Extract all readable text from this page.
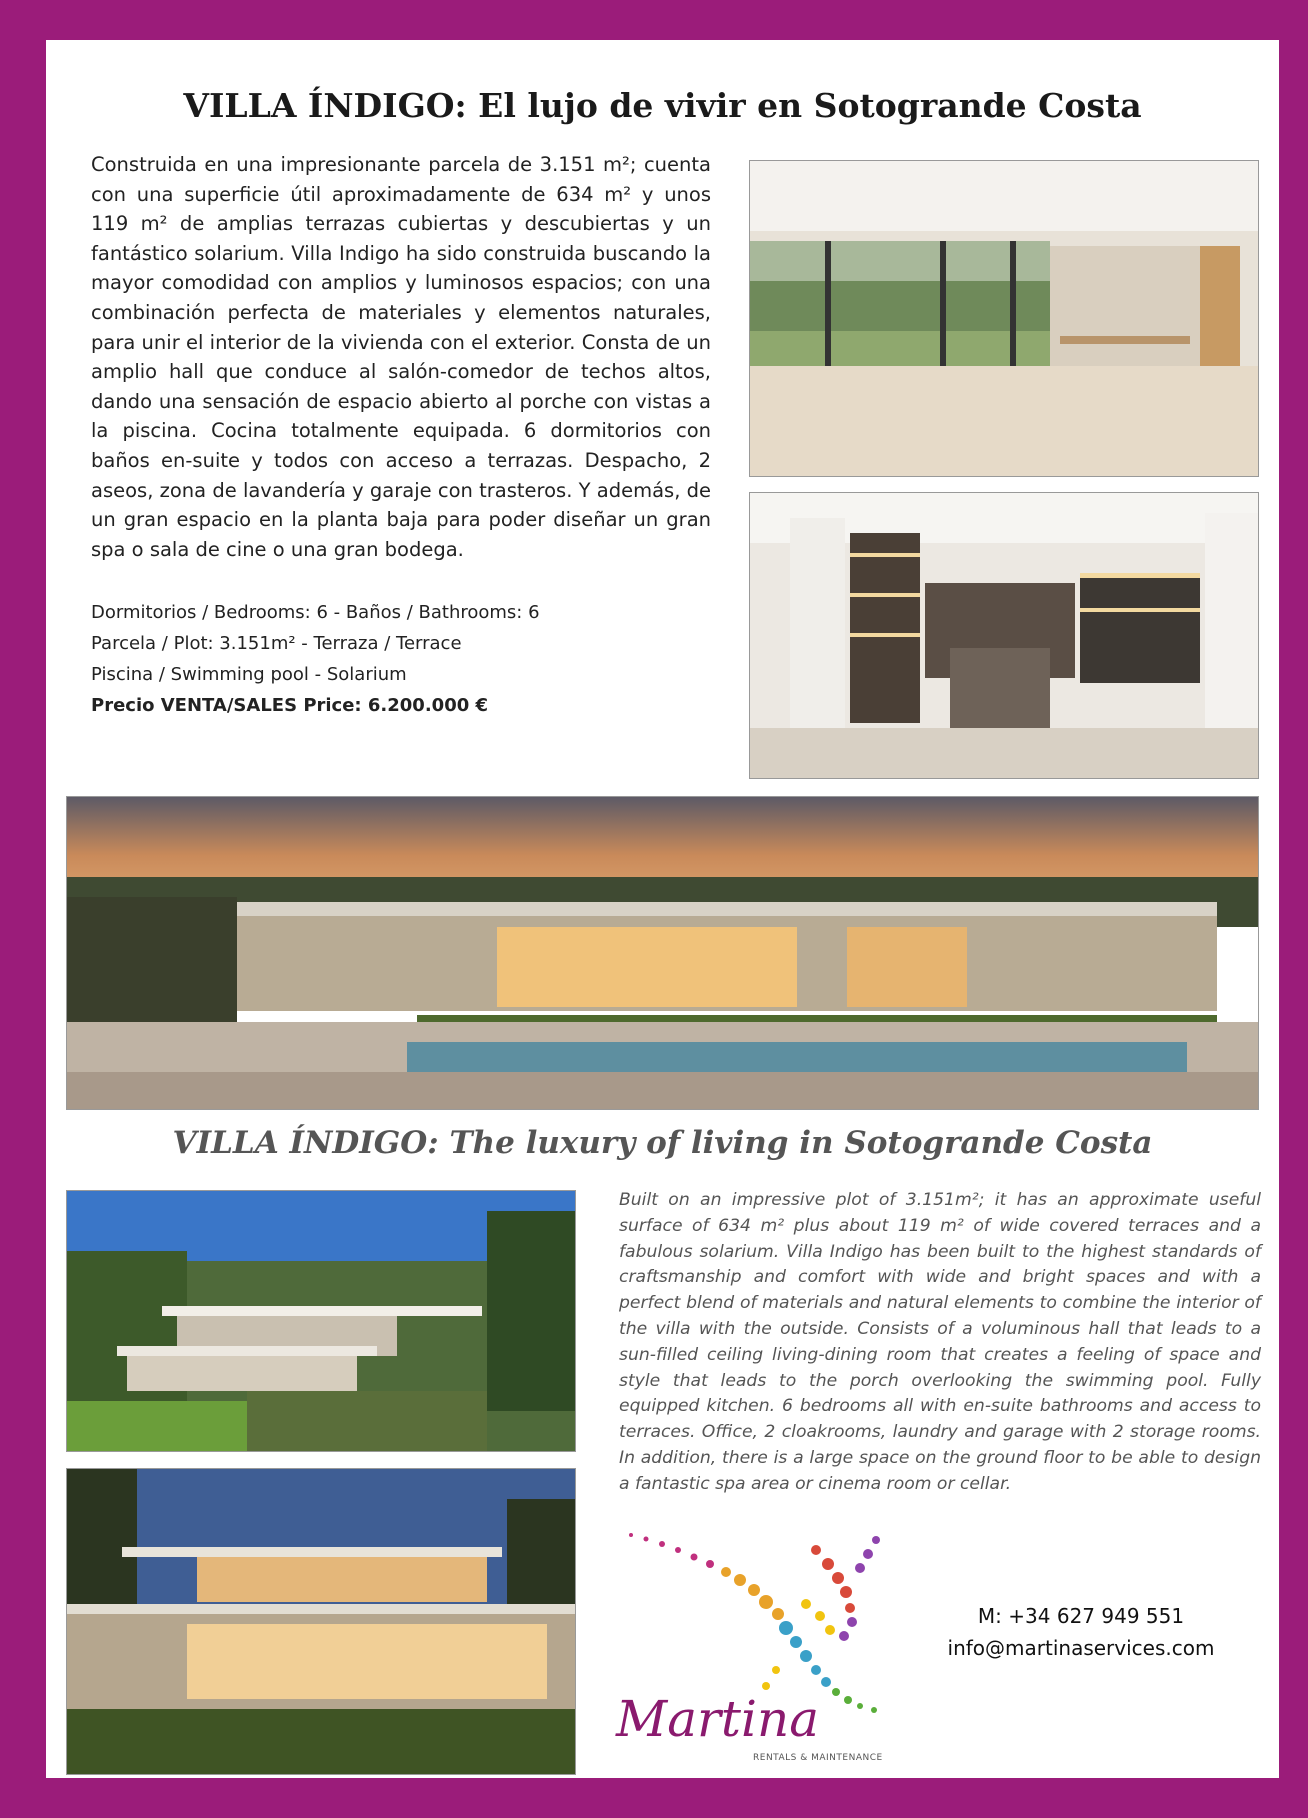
VILLA ÍNDIGO: El lujo de vivir en Sotogrande Costa
Construida en una impresionante parcela de 3.151 m²; cuenta con una superficie útil aproximadamente de 634 m² y unos 119 m² de amplias terrazas cubiertas y descubiertas y un fantástico solarium. Villa Indigo ha sido construida buscando la mayor comodidad con amplios y luminosos espacios; con una combinación perfecta de materiales y elementos naturales, para unir el interior de la vivienda con el exterior. Consta de un amplio hall que conduce al salón-comedor de techos altos, dando una sensación de espacio abierto al porche con vistas a la piscina. Cocina totalmente equipada. 6 dormitorios con baños en-suite y todos con acceso a terrazas. Despacho, 2 aseos, zona de lavandería y garaje con trasteros. Y además, de un gran espacio en la planta baja para poder diseñar un gran spa o sala de cine o una gran bodega.
Dormitorios / Bedrooms: 6 - Baños / Bathrooms: 6
Parcela / Plot: 3.151m² - Terraza / Terrace
Piscina / Swimming pool - Solarium
Precio VENTA/SALES Price: 6.200.000 €
VILLA ÍNDIGO: The luxury of living in Sotogrande Costa
Built on an impressive plot of 3.151m²; it has an approximate useful surface of 634 m² plus about 119 m² of wide covered terraces and a fabulous solarium. Villa Indigo has been built to the highest standards of craftsmanship and comfort with wide and bright spaces and with a perfect blend of materials and natural elements to combine the interior of the villa with the outside. Consists of a voluminous hall that leads to a sun-filled ceiling living-dining room that creates a feeling of space and style that leads to the porch overlooking the swimming pool. Fully equipped kitchen. 6 bedrooms all with en-suite bathrooms and access to terraces. Office, 2 cloakrooms, laundry and garage with 2 storage rooms. In addition, there is a large space on the ground floor to be able to design a fantastic spa area or cinema room or cellar.
Martina
RENTALS & MAINTENANCE
M: +34 627 949 551
info@martinaservices.com
